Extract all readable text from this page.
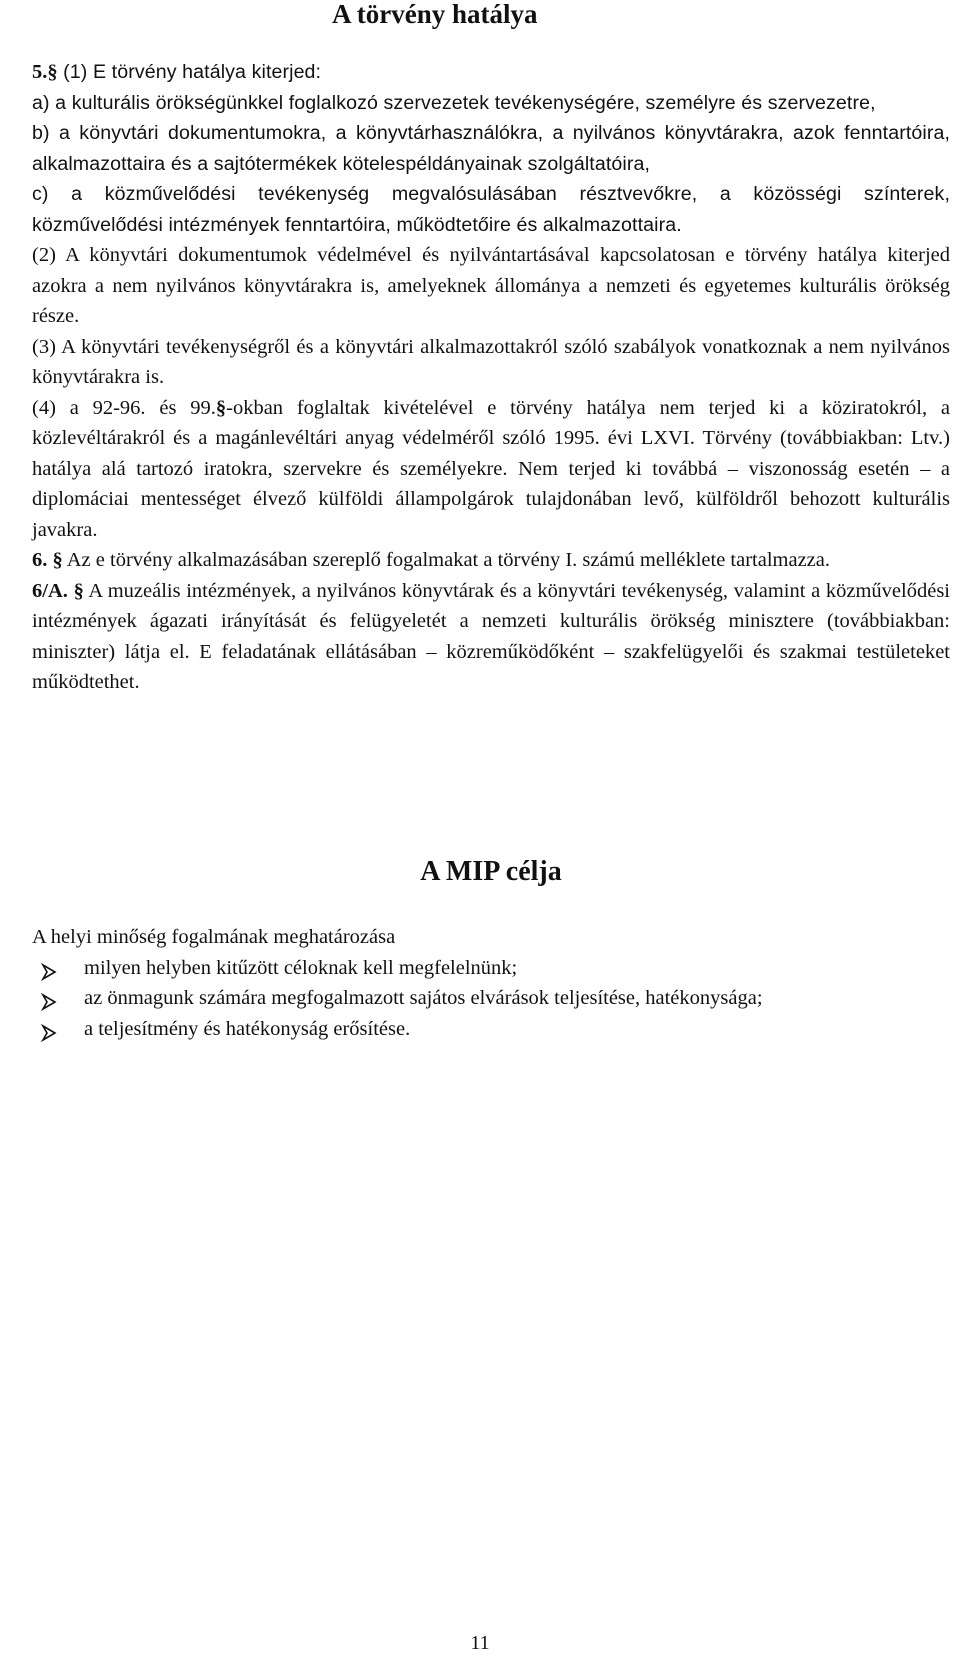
A törvény hatálya

5.§ (1) E törvény hatálya kiterjed:

a) a kulturális örökségünkkel foglalkozó szervezetek tevékenységére, személyre és szervezetre,

b) a könyvtári dokumentumokra, a könyvtárhasználókra, a nyilvános könyvtárakra, azok fenntartóira, alkalmazottaira és a sajtótermékek kötelespéldányainak szolgáltatóira,

c) a közművelődési tevékenység megvalósulásában résztvevőkre, a közösségi színterek, közművelődési intézmények fenntartóira, működtetőire és alkalmazottaira.

(2) A könyvtári dokumentumok védelmével és nyilvántartásával kapcsolatosan e törvény hatálya kiterjed azokra a nem nyilvános könyvtárakra is, amelyeknek állománya a nemzeti és egyetemes kulturális örökség része.

(3) A könyvtári tevékenységről és a könyvtári alkalmazottakról szóló szabályok vonatkoznak a nem nyilvános könyvtárakra is.

(4) a 92-96. és 99.§-okban foglaltak kivételével e törvény hatálya nem terjed ki a köziratokról, a közlevéltárakról és a magánlevéltári anyag védelméről szóló 1995. évi LXVI. Törvény (továbbiakban: Ltv.) hatálya alá tartozó iratokra, szervekre és személyekre. Nem terjed ki továbbá – viszonosság esetén – a diplomáciai mentességet élvező külföldi állampolgárok tulajdonában levő, külföldről behozott kulturális javakra.

6. § Az e törvény alkalmazásában szereplő fogalmakat a törvény I. számú melléklete tartalmazza.

6/A. § A muzeális intézmények, a nyilvános könyvtárak és a könyvtári tevékenység, valamint a közművelődési intézmények ágazati irányítását és felügyeletét a nemzeti kulturális örökség minisztere (továbbiakban: miniszter) látja el. E feladatának ellátásában – közreműködőként – szakfelügyelői és szakmai testületeket működtethet.

A MIP célja

A helyi minőség fogalmának meghatározása

milyen helyben kitűzött céloknak kell megfelelnünk;
az önmagunk számára megfogalmazott sajátos elvárások teljesítése, hatékonysága;
a teljesítmény és hatékonyság erősítése.
11
